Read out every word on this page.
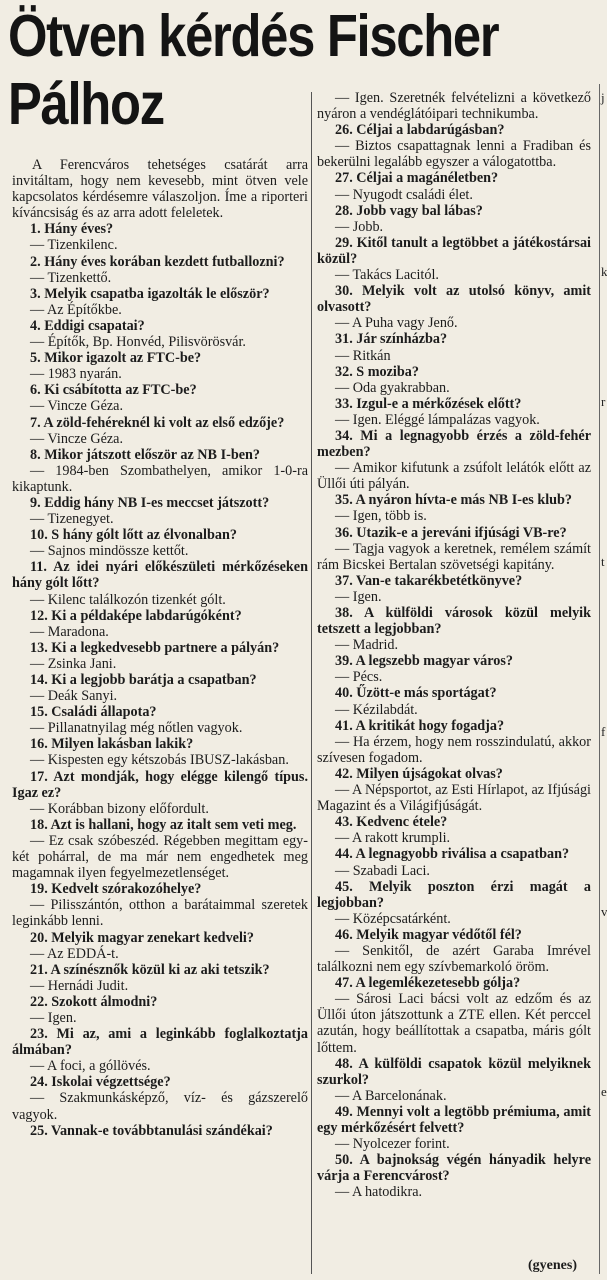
Ötven kérdés Fischer
Pálhoz

A Ferencváros tehetséges csatárát arra invitáltam, hogy nem kevesebb, mint ötven vele kapcsolatos kérdésemre válaszoljon. Íme a riporteri kíváncsiság és az arra adott feleletek.

1. Hány éves?

— Tizenkilenc.

2. Hány éves korában kezdett futballozni?

— Tizenkettő.

3. Melyik csapatba igazolták le először?

— Az Építőkbe.

4. Eddigi csapatai?

— Építők, Bp. Honvéd, Pilisvörösvár.

5. Mikor igazolt az FTC-be?

— 1983 nyarán.

6. Ki csábította az FTC-be?

— Vincze Géza.

7. A zöld-fehéreknél ki volt az első edzője?

— Vincze Géza.

8. Mikor játszott először az NB I-ben?

— 1984-ben Szombathelyen, amikor 1-0-ra kikaptunk.

9. Eddig hány NB I-es meccset játszott?

— Tizenegyet.

10. S hány gólt lőtt az élvonalban?

— Sajnos mindössze kettőt.

11. Az idei nyári előkészületi mérkőzéseken hány gólt lőtt?

— Kilenc találkozón tizenkét gólt.

12. Ki a példaképe labdarúgóként?

— Maradona.

13. Ki a legkedvesebb partnere a pályán?

— Zsinka Jani.

14. Ki a legjobb barátja a csapatban?

— Deák Sanyi.

15. Családi állapota?

— Pillanatnyilag még nőtlen vagyok.

16. Milyen lakásban lakik?

— Kispesten egy kétszobás IBUSZ-lakásban.

17. Azt mondják, hogy elégge kilengő típus. Igaz ez?

— Korábban bizony előfordult.

18. Azt is hallani, hogy az italt sem veti meg.

— Ez csak szóbeszéd. Régebben megittam egy-két pohárral, de ma már nem engedhetek meg magamnak ilyen fegyelmezetlenséget.

19. Kedvelt szórakozóhelye?

— Pilisszántón, otthon a barátaimmal szeretek leginkább lenni.

20. Melyik magyar zenekart kedveli?

— Az EDDÁ-t.

21. A színésznők közül ki az aki tetszik?

— Hernádi Judit.

22. Szokott álmodni?

— Igen.

23. Mi az, ami a leginkább foglalkoztatja álmában?

— A foci, a góllövés.

24. Iskolai végzettsége?

— Szakmunkásképző, víz- és gázszerelő vagyok.

25. Vannak-e továbbtanulási szándékai?

— Igen. Szeretnék felvételizni a következő nyáron a vendéglátóipari technikumba.

26. Céljai a labdarúgásban?

— Biztos csapattagnak lenni a Fradiban és bekerülni legalább egyszer a válogatottba.

27. Céljai a magánéletben?

— Nyugodt családi élet.

28. Jobb vagy bal lábas?

— Jobb.

29. Kitől tanult a legtöbbet a játékostársai közül?

— Takács Lacitól.

30. Melyik volt az utolsó könyv, amit olvasott?

— A Puha vagy Jenő.

31. Jár színházba?

— Ritkán

32. S moziba?

— Oda gyakrabban.

33. Izgul-e a mérkőzések előtt?

— Igen. Eléggé lámpalázas vagyok.

34. Mi a legnagyobb érzés a zöld-fehér mezben?

— Amikor kifutunk a zsúfolt lelátók előtt az Üllői úti pályán.

35. A nyáron hívta-e más NB I-es klub?

— Igen, több is.

36. Utazik-e a jereváni ifjúsági VB-re?

— Tagja vagyok a keretnek, remélem számít rám Bicskei Bertalan szövetségi kapitány.

37. Van-e takarékbetétkönyve?

— Igen.

38. A külföldi városok közül melyik tetszett a legjobban?

— Madrid.

39. A legszebb magyar város?

— Pécs.

40. Űzött-e más sportágat?

— Kézilabdát.

41. A kritikát hogy fogadja?

— Ha érzem, hogy nem rosszindulatú, akkor szívesen fogadom.

42. Milyen újságokat olvas?

— A Népsportot, az Esti Hírlapot, az Ifjúsági Magazint és a Világifjúságát.

43. Kedvenc étele?

— A rakott krumpli.

44. A legnagyobb riválisa a csapatban?

— Szabadi Laci.

45. Melyik poszton érzi magát a legjobban?

— Középcsatárként.

46. Melyik magyar védőtől fél?

— Senkitől, de azért Garaba Imrével találkozni nem egy szívbemarkoló öröm.

47. A legemlékezetesebb gólja?

— Sárosi Laci bácsi volt az edzőm és az Üllői úton játszottunk a ZTE ellen. Két perccel azután, hogy beállítottak a csapatba, máris gólt lőttem.

48. A külföldi csapatok közül melyiknek szurkol?

— A Barcelonának.

49. Mennyi volt a legtöbb prémiuma, amit egy mérkőzésért felvett?

— Nyolcezer forint.

50. A bajnokság végén hányadik helyre várja a Ferencvárost?

— A hatodikra.

j
k
r
t
f
v
e
(gyenes)
